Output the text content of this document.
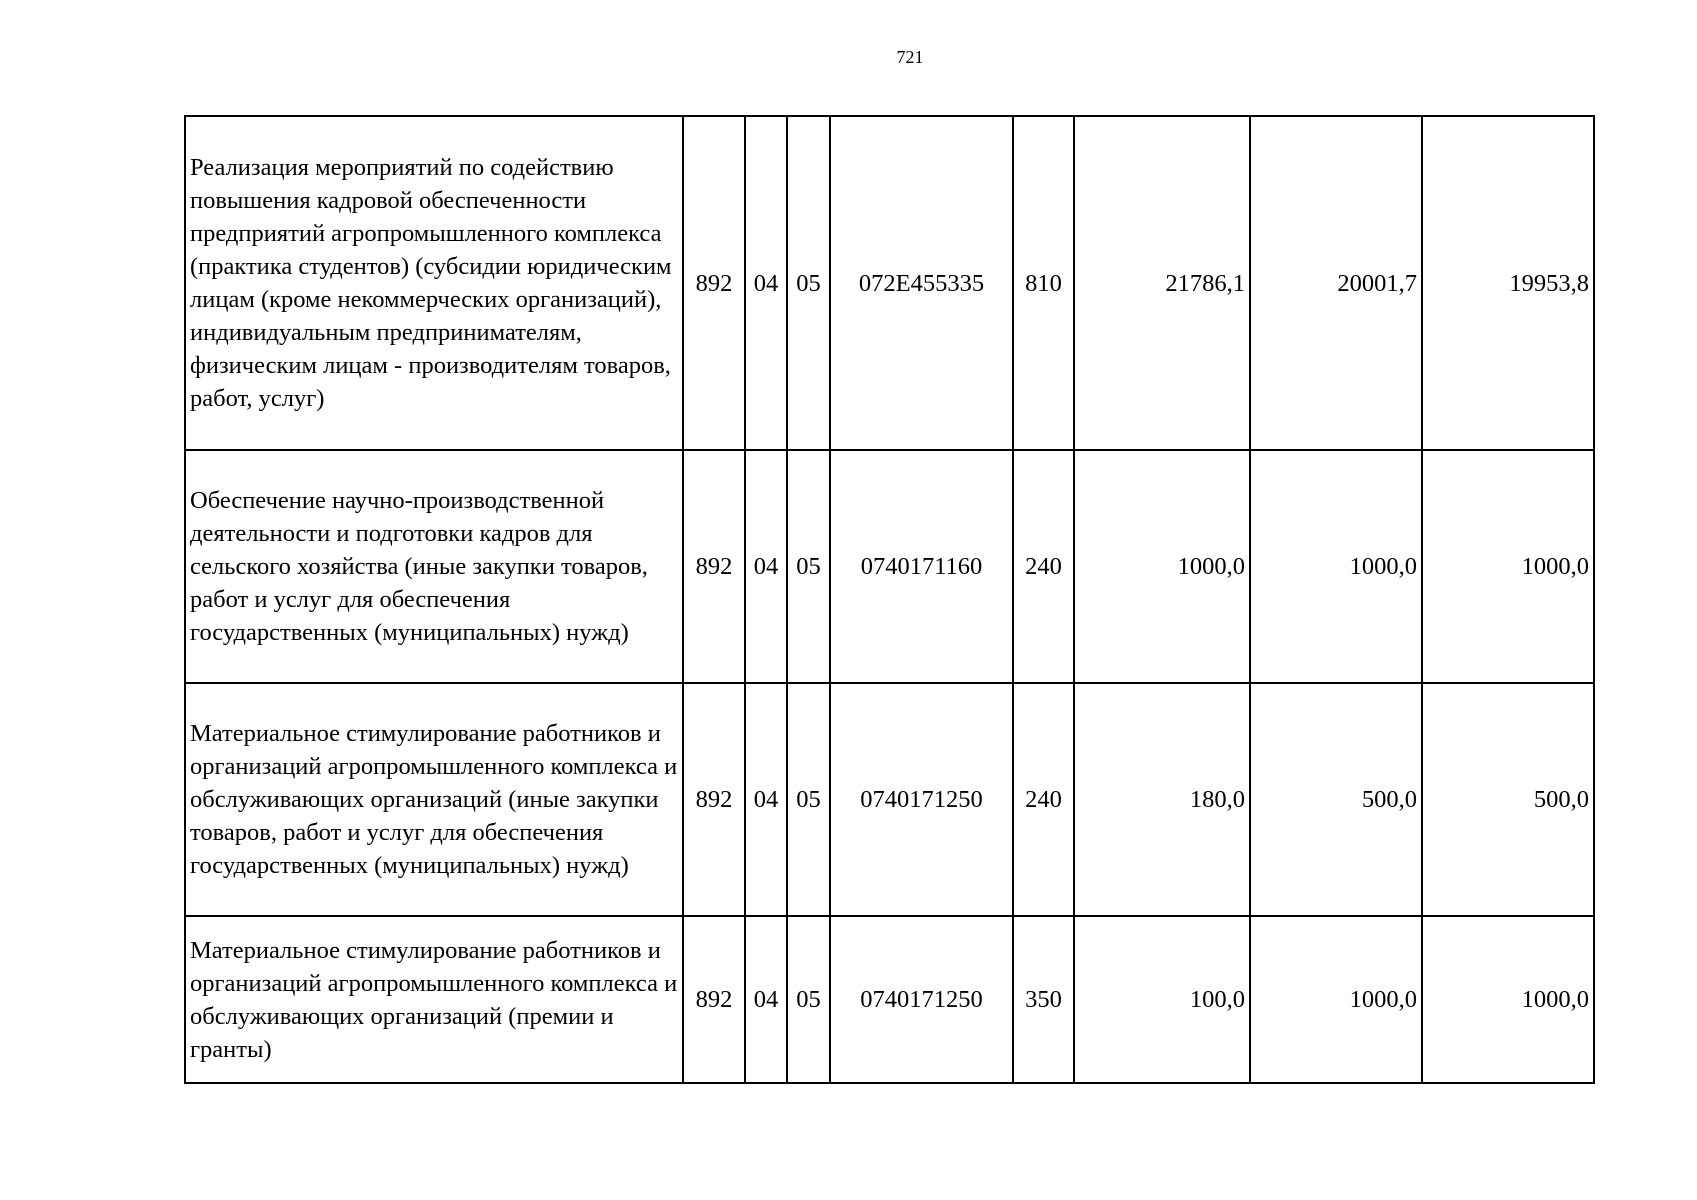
721
Реализация мероприятий по содействию повышения кадровой обеспеченности предприятий агропромышленного комплекса (практика студентов) (субсидии юридическим лицам (кроме некоммерческих организаций), индивидуальным предпринимателям, физическим лицам - производителям товаров, работ, услуг)	892	04	05	072E455335	810	21786,1	20001,7	19953,8
Обеспечение научно-производственной деятельности и подготовки кадров для сельского хозяйства (иные закупки товаров, работ и услуг для обеспечения государственных (муниципальных) нужд)	892	04	05	0740171160	240	1000,0	1000,0	1000,0
Материальное стимулирование работников и организаций агропромышленного комплекса и обслуживающих организаций (иные закупки товаров, работ и услуг для обеспечения государственных (муниципальных) нужд)	892	04	05	0740171250	240	180,0	500,0	500,0
Материальное стимулирование работников и организаций агропромышленного комплекса и обслуживающих организаций (премии и гранты)	892	04	05	0740171250	350	100,0	1000,0	1000,0
